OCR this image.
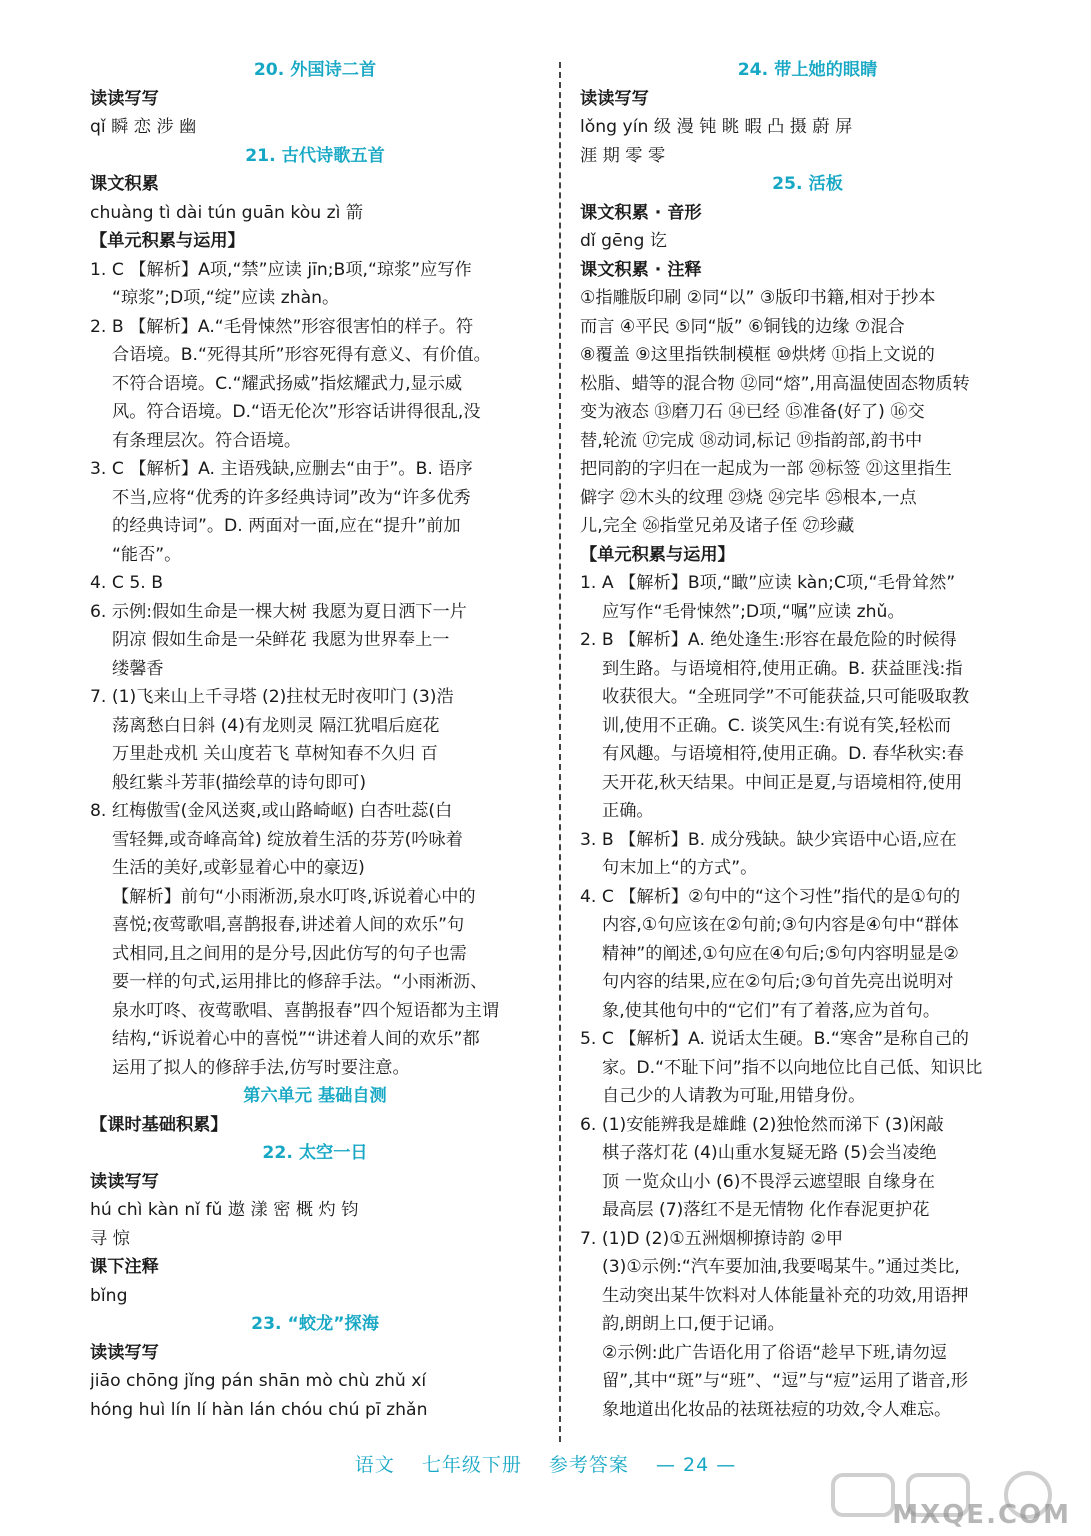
20. 外国诗二首
读读写写
qǐ 瞬 恋 涉 幽
21. 古代诗歌五首
课文积累
chuàng tì dài tún guān kòu zì 箭
【单元积累与运用】
1. C 【解析】A项,“禁”应读 jīn;B项,“琼浆”应写作
“琼浆”;D项,“绽”应读 zhàn。
2. B 【解析】A.“毛骨悚然”形容很害怕的样子。符
合语境。B.“死得其所”形容死得有意义、有价值。
不符合语境。C.“耀武扬威”指炫耀武力,显示威
风。符合语境。D.“语无伦次”形容话讲得很乱,没
有条理层次。符合语境。
3. C 【解析】A. 主语残缺,应删去“由于”。B. 语序
不当,应将“优秀的许多经典诗词”改为“许多优秀
的经典诗词”。D. 两面对一面,应在“提升”前加
“能否”。
4. C 5. B
6. 示例:假如生命是一棵大树 我愿为夏日洒下一片
阴凉 假如生命是一朵鲜花 我愿为世界奉上一
缕馨香
7. (1)飞来山上千寻塔 (2)拄杖无时夜叩门 (3)浩
荡离愁白日斜 (4)有龙则灵 隔江犹唱后庭花
万里赴戎机 关山度若飞 草树知春不久归 百
般红紫斗芳菲(描绘草的诗句即可)
8. 红梅傲雪(金风送爽,或山路崎岖) 白杏吐蕊(白
雪轻舞,或奇峰高耸) 绽放着生活的芬芳(吟咏着
生活的美好,或彰显着心中的豪迈)
【解析】前句“小雨淅沥,泉水叮咚,诉说着心中的
喜悦;夜莺歌唱,喜鹊报春,讲述着人间的欢乐”句
式相同,且之间用的是分号,因此仿写的句子也需
要一样的句式,运用排比的修辞手法。“小雨淅沥、
泉水叮咚、夜莺歌唱、喜鹊报春”四个短语都为主谓
结构,“诉说着心中的喜悦”“讲述着人间的欢乐”都
运用了拟人的修辞手法,仿写时要注意。
第六单元 基础自测
【课时基础积累】
22. 太空一日
读读写写
hú chì kàn nǐ fǔ 遨 漾 密 概 灼 钧
寻 惊
课下注释
bǐng
23. “蛟龙”探海
读读写写
jiāo chōng jǐng pán shān mò chù zhǔ xí
hóng huì lín lí hàn lán chóu chú pī zhǎn
24. 带上她的眼睛
读读写写
lǒng yín 级 漫 钝 眺 暇 凸 摄 蔚 屏
涯 期 零 零
25. 活板
课文积累 · 音形
dǐ gēng 讫
课文积累 · 注释
①指雕版印刷 ②同“以” ③版印书籍,相对于抄本
而言 ④平民 ⑤同“版” ⑥铜钱的边缘 ⑦混合
⑧覆盖 ⑨这里指铁制模框 ⑩烘烤 ⑪指上文说的
松脂、蜡等的混合物 ⑫同“熔”,用高温使固态物质转
变为液态 ⑬磨刀石 ⑭已经 ⑮准备(好了) ⑯交
替,轮流 ⑰完成 ⑱动词,标记 ⑲指韵部,韵书中
把同韵的字归在一起成为一部 ⑳标签 ㉑这里指生
僻字 ㉒木头的纹理 ㉓烧 ㉔完毕 ㉕根本,一点
儿,完全 ㉖指堂兄弟及诸子侄 ㉗珍藏
【单元积累与运用】
1. A 【解析】B项,“瞰”应读 kàn;C项,“毛骨耸然”
应写作“毛骨悚然”;D项,“嘱”应读 zhǔ。
2. B 【解析】A. 绝处逢生:形容在最危险的时候得
到生路。与语境相符,使用正确。B. 获益匪浅:指
收获很大。“全班同学”不可能获益,只可能吸取教
训,使用不正确。C. 谈笑风生:有说有笑,轻松而
有风趣。与语境相符,使用正确。D. 春华秋实:春
天开花,秋天结果。中间正是夏,与语境相符,使用
正确。
3. B 【解析】B. 成分残缺。缺少宾语中心语,应在
句末加上“的方式”。
4. C 【解析】②句中的“这个习性”指代的是①句的
内容,①句应该在②句前;③句内容是④句中“群体
精神”的阐述,①句应在④句后;⑤句内容明显是②
句内容的结果,应在②句后;③句首先亮出说明对
象,使其他句中的“它们”有了着落,应为首句。
5. C 【解析】A. 说话太生硬。B.“寒舍”是称自己的
家。D.“不耻下问”指不以向地位比自己低、知识比
自己少的人请教为可耻,用错身份。
6. (1)安能辨我是雄雌 (2)独怆然而涕下 (3)闲敲
棋子落灯花 (4)山重水复疑无路 (5)会当凌绝
顶 一览众山小 (6)不畏浮云遮望眼 自缘身在
最高层 (7)落红不是无情物 化作春泥更护花
7. (1)D (2)①五洲烟柳撩诗韵 ②甲
(3)①示例:“汽车要加油,我要喝某牛。”通过类比,
生动突出某牛饮料对人体能量补充的功效,用语押
韵,朗朗上口,便于记诵。
②示例:此广告语化用了俗语“趁早下班,请勿逗
留”,其中“斑”与“班”、“逗”与“痘”运用了谐音,形
象地道出化妆品的祛斑祛痘的功效,令人难忘。
语文 七年级下册 参考答案 — 24 —
MXQE.COM
